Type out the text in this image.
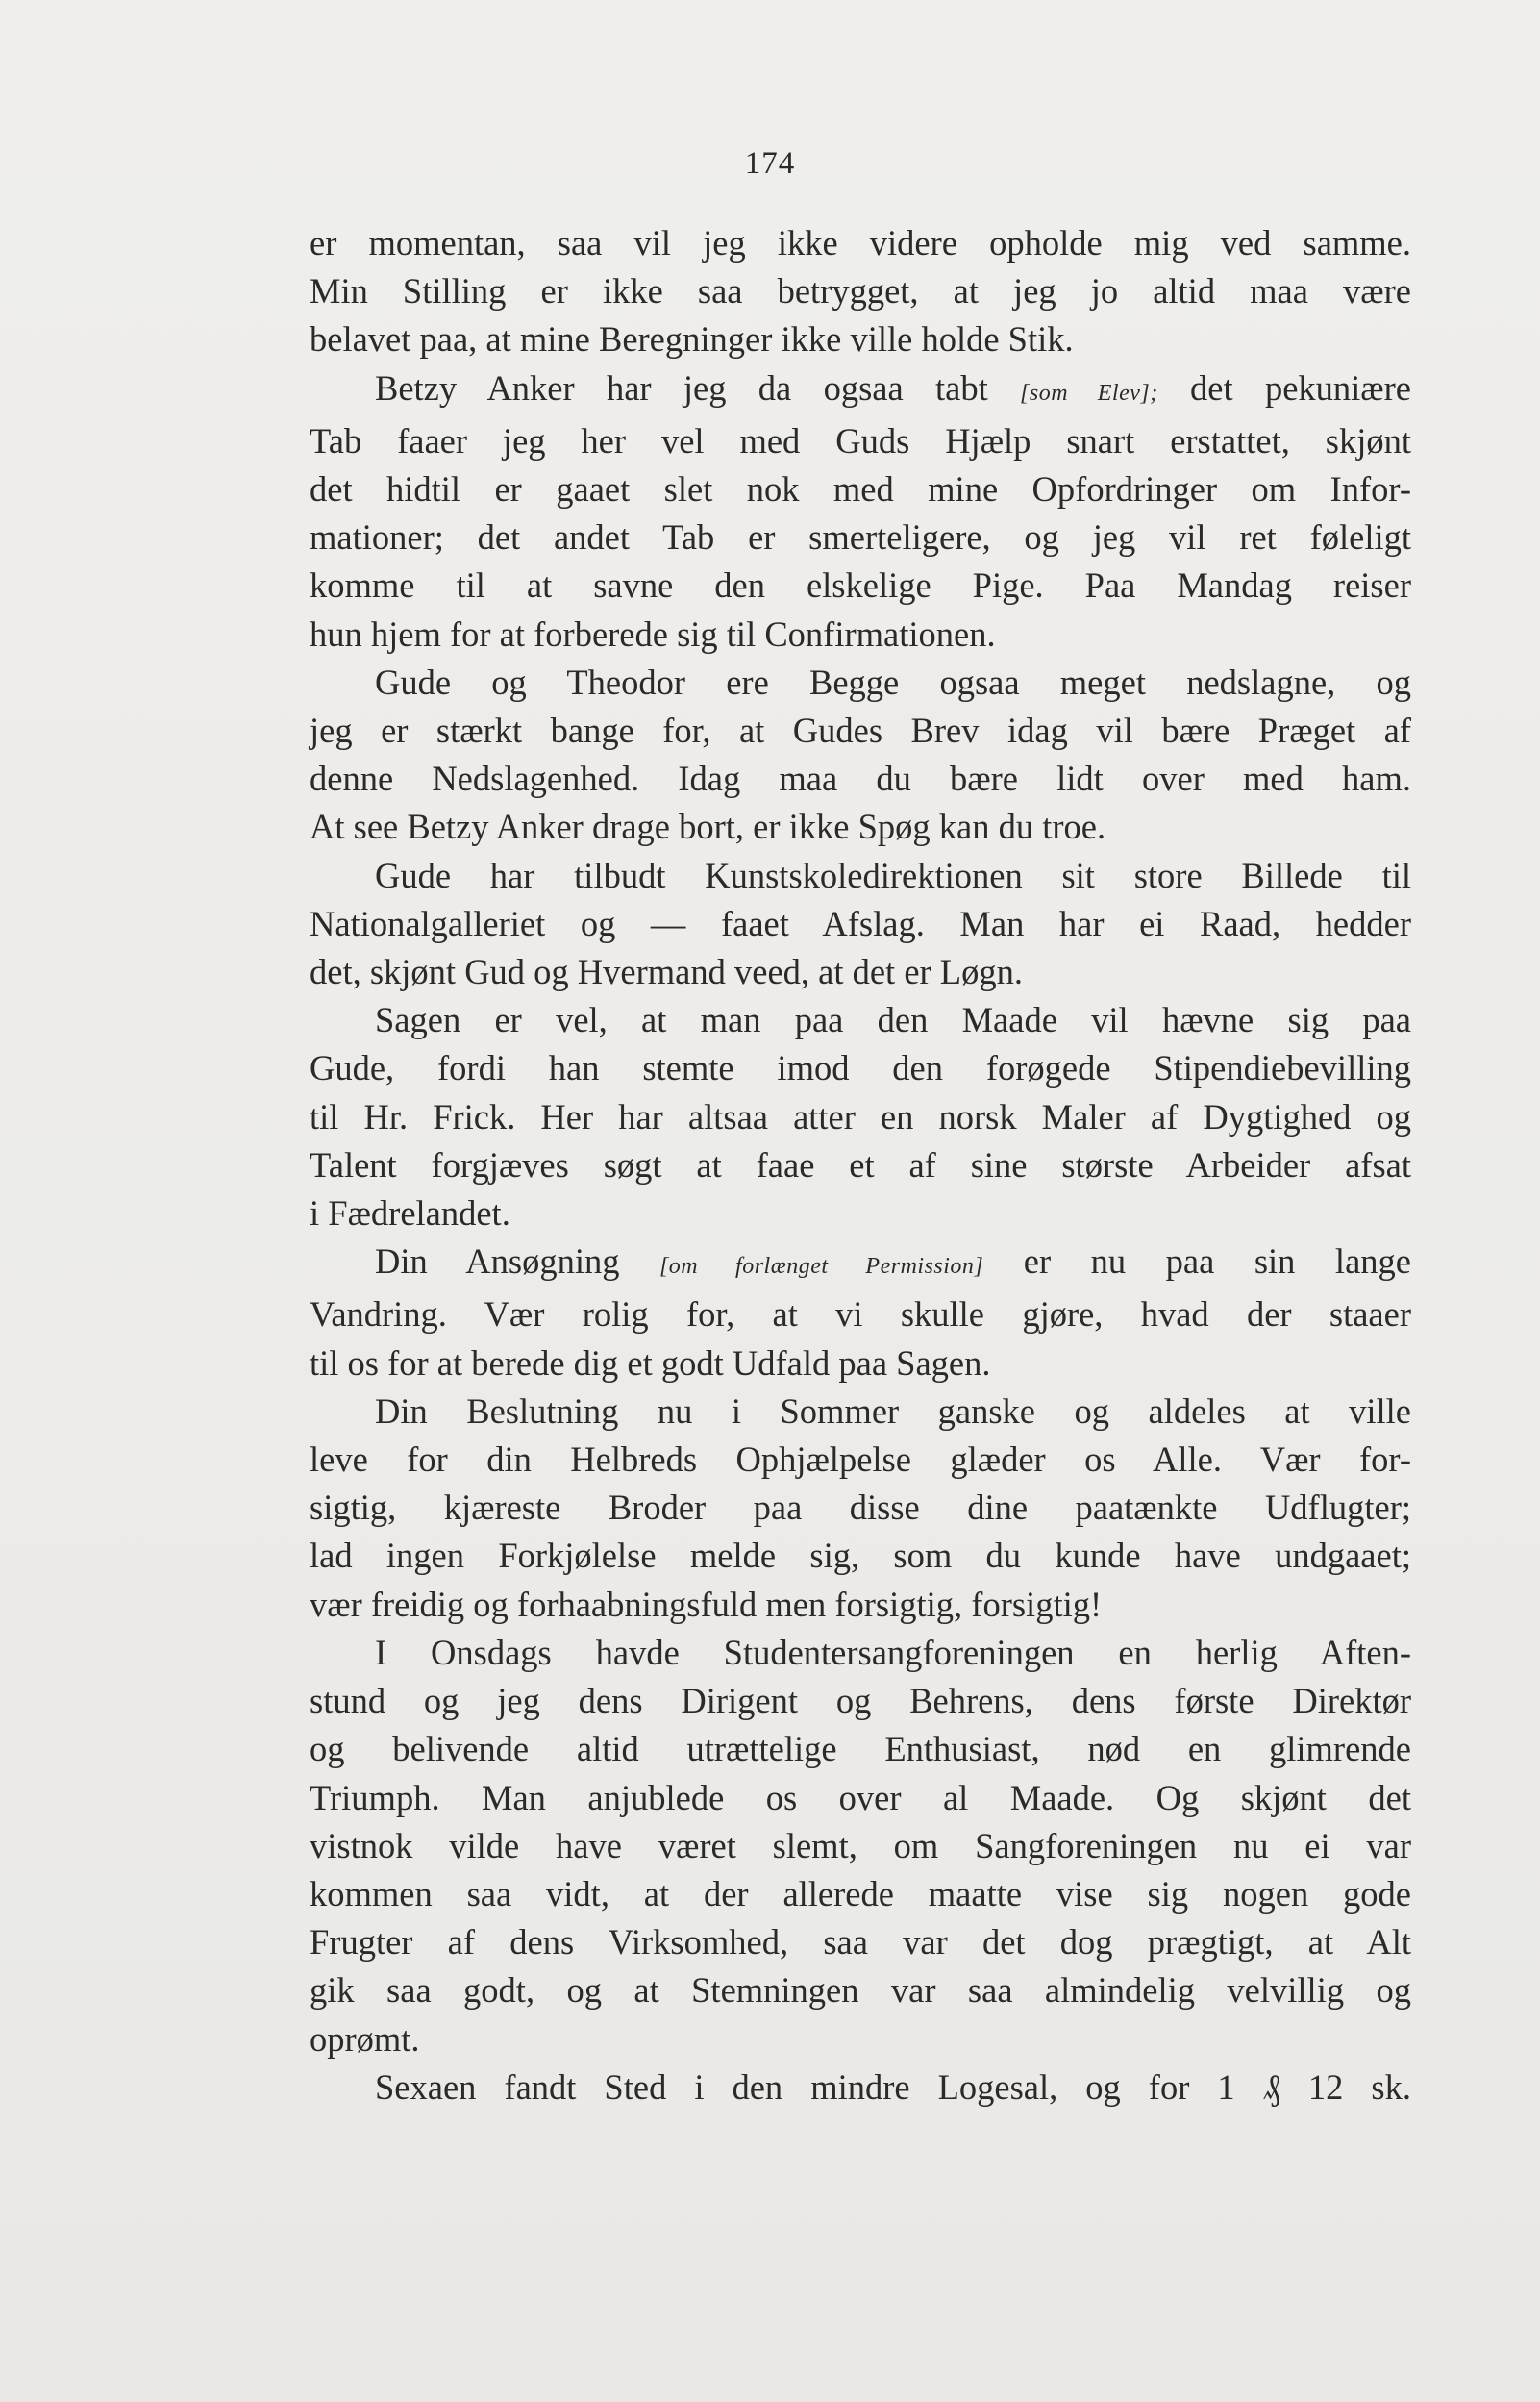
174
er momentan, saa vil jeg ikke videre opholde mig ved samme.
Min Stilling er ikke saa betrygget, at jeg jo altid maa være
belavet paa, at mine Beregninger ikke ville holde Stik.
Betzy Anker har jeg da ogsaa tabt [som Elev]; det pekuniære
Tab faaer jeg her vel med Guds Hjælp snart erstattet, skjønt
det hidtil er gaaet slet nok med mine Opfordringer om Infor-
mationer; det andet Tab er smerteligere, og jeg vil ret føleligt
komme til at savne den elskelige Pige. Paa Mandag reiser
hun hjem for at forberede sig til Confirmationen.
Gude og Theodor ere Begge ogsaa meget nedslagne, og
jeg er stærkt bange for, at Gudes Brev idag vil bære Præget af
denne Nedslagenhed. Idag maa du bære lidt over med ham.
At see Betzy Anker drage bort, er ikke Spøg kan du troe.
Gude har tilbudt Kunstskoledirektionen sit store Billede til
Nationalgalleriet og — faaet Afslag. Man har ei Raad, hedder
det, skjønt Gud og Hvermand veed, at det er Løgn.
Sagen er vel, at man paa den Maade vil hævne sig paa
Gude, fordi han stemte imod den forøgede Stipendiebevilling
til Hr. Frick. Her har altsaa atter en norsk Maler af Dygtighed og
Talent forgjæves søgt at faae et af sine største Arbeider afsat
i Fædrelandet.
Din Ansøgning [om forlænget Permission] er nu paa sin lange
Vandring. Vær rolig for, at vi skulle gjøre, hvad der staaer
til os for at berede dig et godt Udfald paa Sagen.
Din Beslutning nu i Sommer ganske og aldeles at ville
leve for din Helbreds Ophjælpelse glæder os Alle. Vær for-
sigtig, kjæreste Broder paa disse dine paatænkte Udflugter;
lad ingen Forkjølelse melde sig, som du kunde have undgaaet;
vær freidig og forhaabningsfuld men forsigtig, forsigtig!
I Onsdags havde Studentersangforeningen en herlig Aften-
stund og jeg dens Dirigent og Behrens, dens første Direktør
og belivende altid utrættelige Enthusiast, nød en glimrende
Triumph. Man anjublede os over al Maade. Og skjønt det
vistnok vilde have været slemt, om Sangforeningen nu ei var
kommen saa vidt, at der allerede maatte vise sig nogen gode
Frugter af dens Virksomhed, saa var det dog prægtigt, at Alt
gik saa godt, og at Stemningen var saa almindelig velvillig og
oprømt.
Sexaen fandt Sted i den mindre Logesal, og for 1 ₰ 12 sk.
